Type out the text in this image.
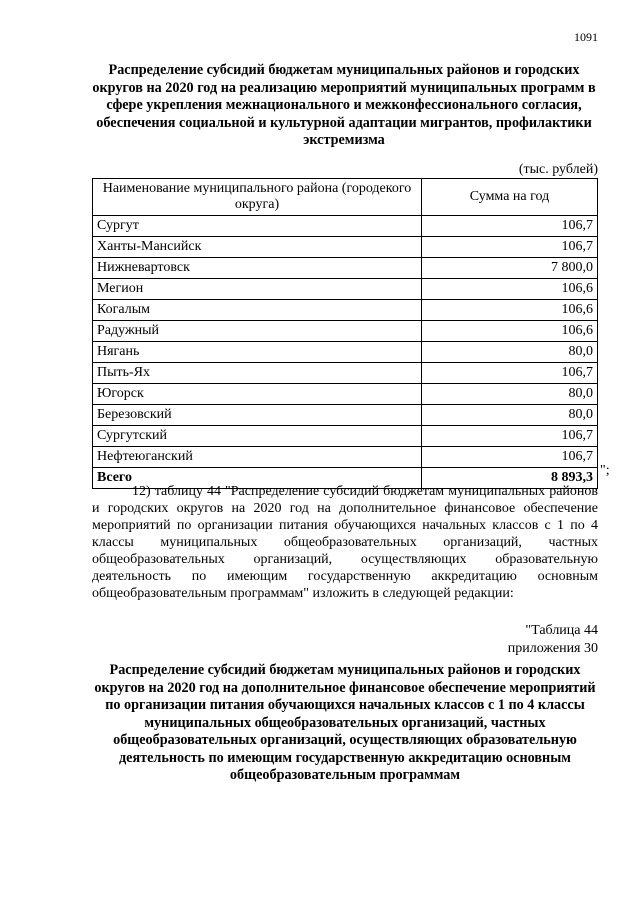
1091
Распределение субсидий бюджетам муниципальных районов и городских округов на 2020 год на реализацию мероприятий муниципальных программ в сфере укрепления межнационального и межконфессионального согласия, обеспечения социальной и культурной адаптации мигрантов, профилактики экстремизма
(тыс. рублей)
Наименование муниципального района (городекого округа)	Сумма на год
Сургут	106,7
Ханты-Мансийск	106,7
Нижневартовск	7 800,0
Мегион	106,6
Когалым	106,6
Радужный	106,6
Нягань	80,0
Пыть-Ях	106,7
Югорск	80,0
Березовский	80,0
Сургутский	106,7
Нефтеюганский	106,7
Всего	8 893,3 ";
12) таблицу 44 "Распределение субсидий бюджетам муниципальных районов и городских округов на 2020 год на дополнительное финансовое обеспечение мероприятий по организации питания обучающихся начальных классов с 1 по 4 классы муниципальных общеобразовательных организаций, частных общеобразовательных организаций, осуществляющих образовательную деятельность по имеющим государственную аккредитацию основным общеобразовательным программам" изложить в следующей редакции:
"Таблица 44
приложения 30
Распределение субсидий бюджетам муниципальных районов и городских округов на 2020 год на дополнительное финансовое обеспечение мероприятий по организации питания обучающихся начальных классов с 1 по 4 классы муниципальных общеобразовательных организаций, частных общеобразовательных организаций, осуществляющих образовательную деятельность по имеющим государственную аккредитацию основным общеобразовательным программам
